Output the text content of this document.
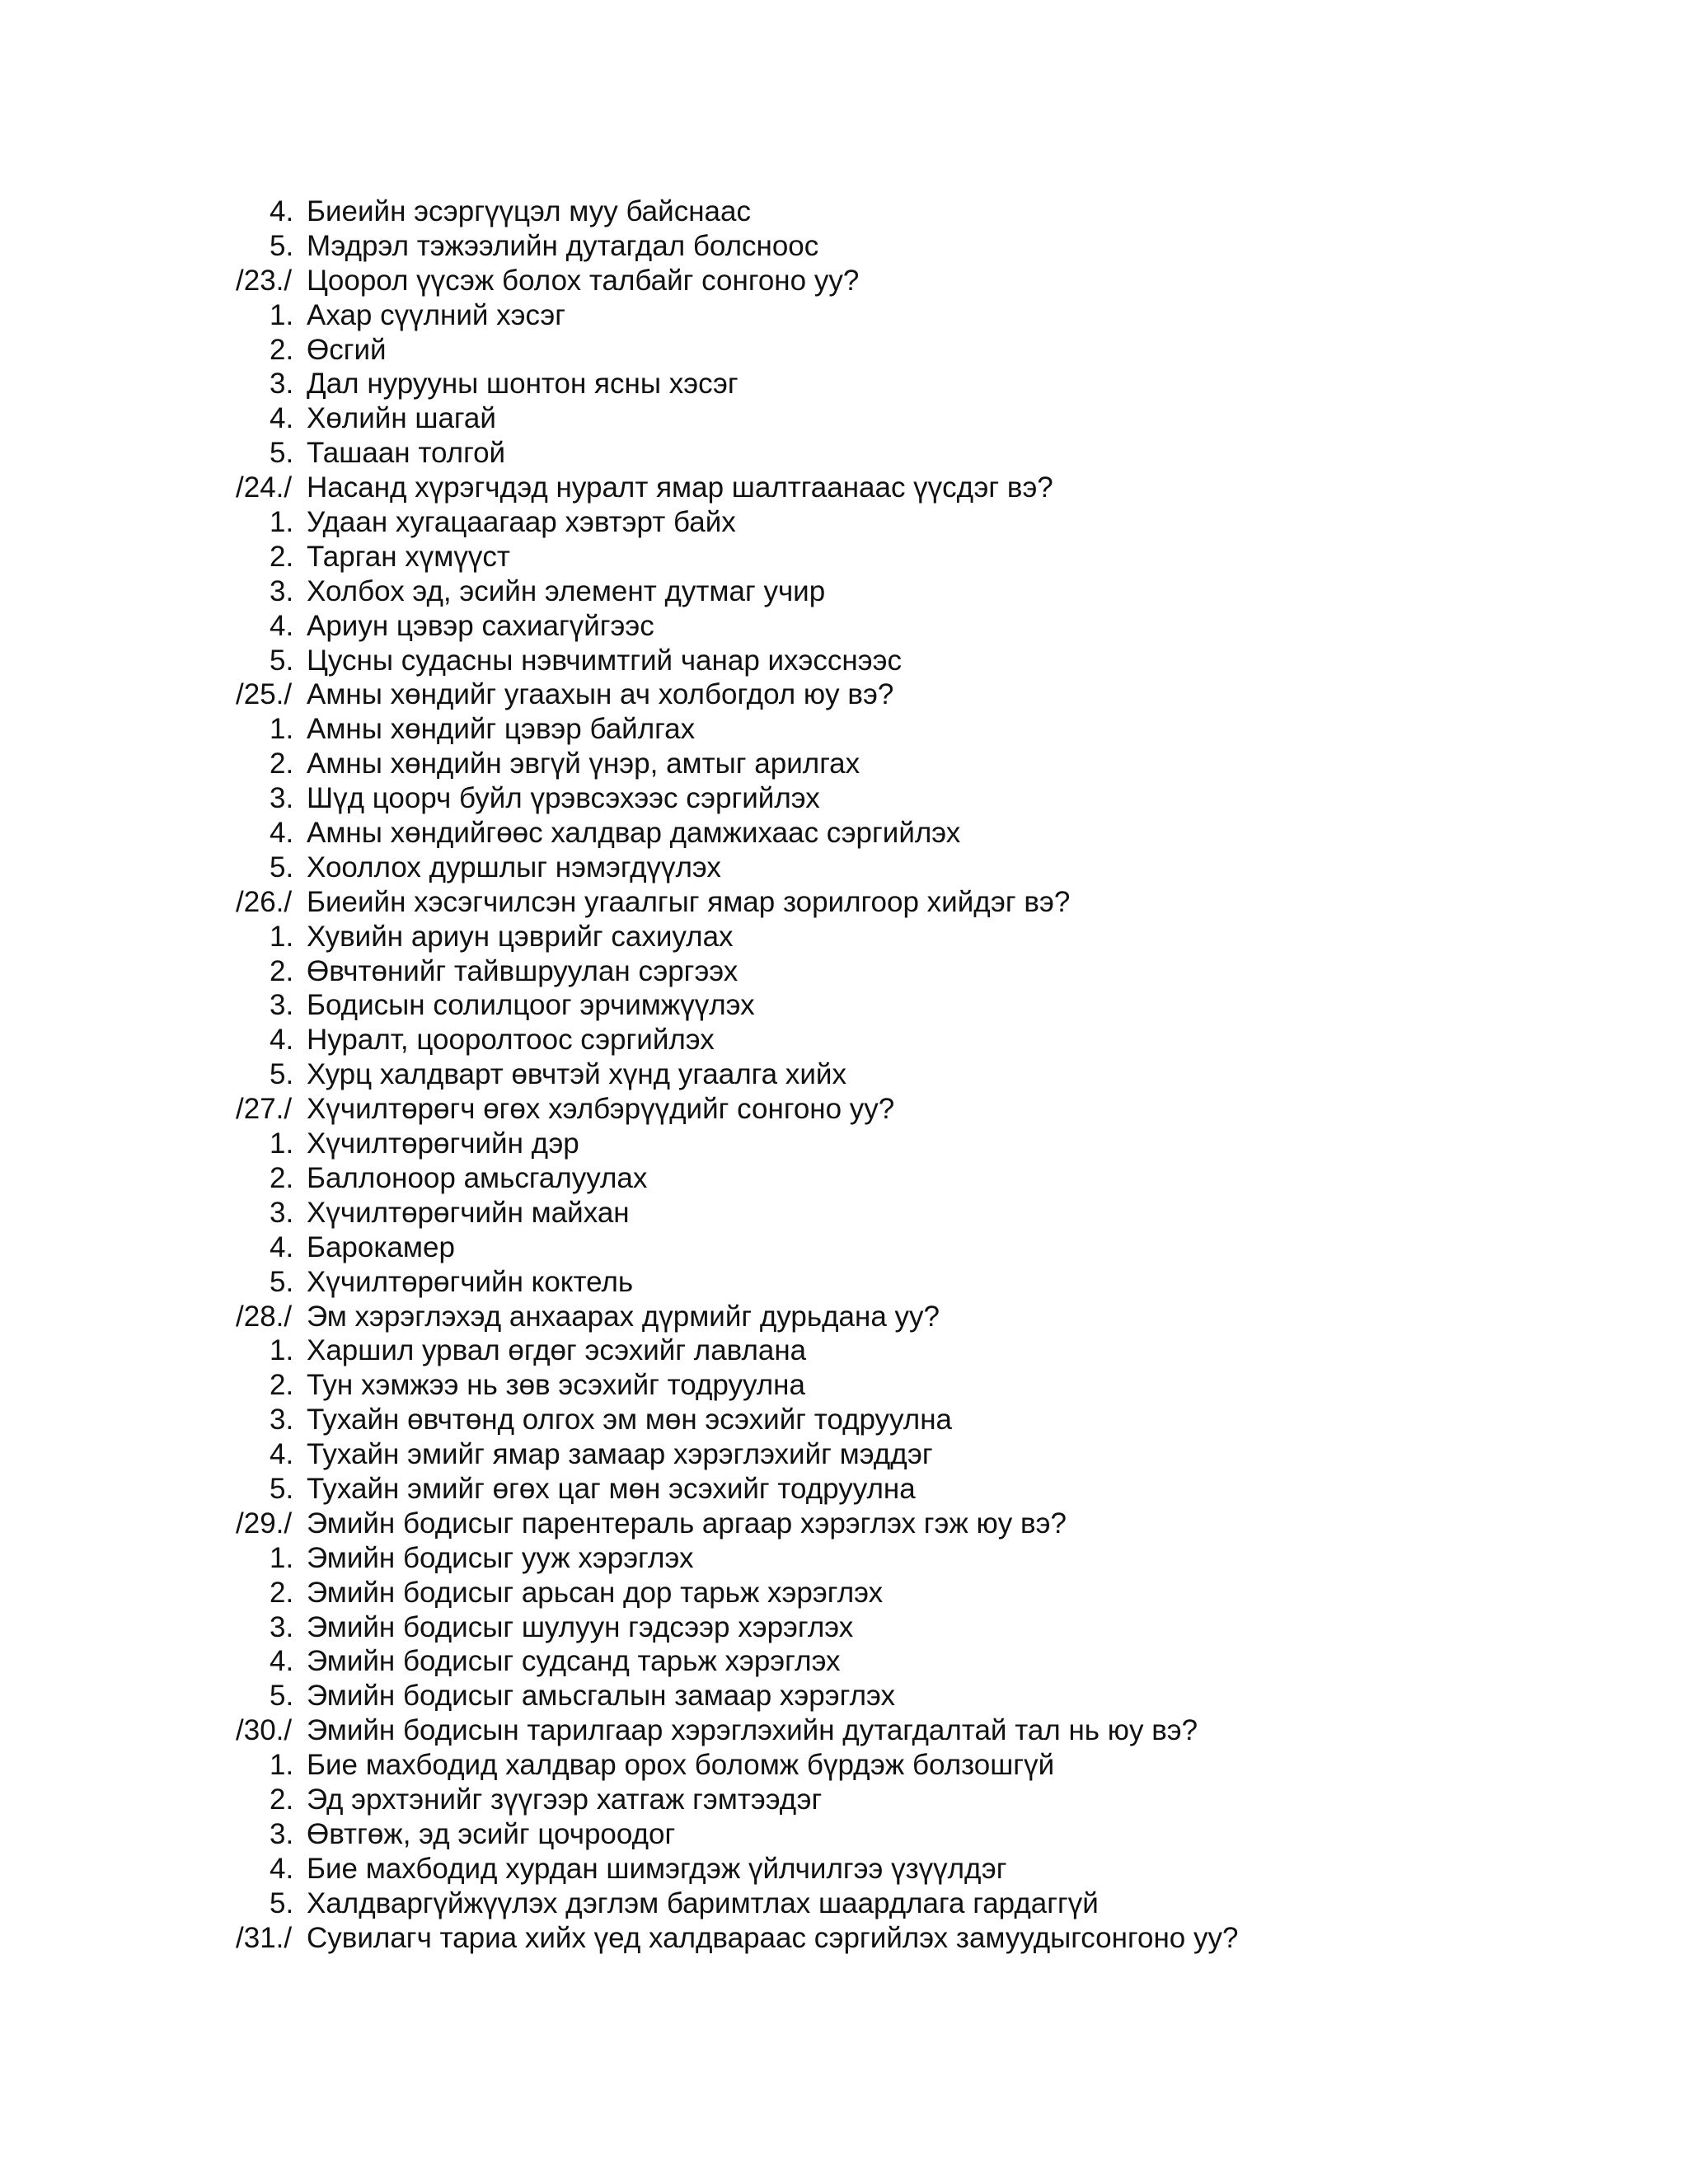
4. Биеийн эсэргүүцэл муу байснаас
5. Мэдрэл тэжээлийн дутагдал болсноос
/23./ Цоорол үүсэж болох талбайг сонгоно уу?
1. Ахар сүүлний хэсэг
2. Өсгий
3. Дал нурууны шонтон ясны хэсэг
4. Хөлийн шагай
5. Ташаан толгой
/24./ Насанд хүрэгчдэд нуралт ямар шалтгаанаас үүсдэг вэ?
1. Удаан хугацаагаар хэвтэрт байх
2. Тарган хүмүүст
3. Холбох эд, эсийн элемент дутмаг учир
4. Ариун цэвэр сахиагүйгээс
5. Цусны судасны нэвчимтгий чанар ихэсснээс
/25./ Амны хөндийг угаахын ач холбогдол юу вэ?
1. Амны хөндийг цэвэр байлгах
2. Амны хөндийн эвгүй үнэр, амтыг арилгах
3. Шүд цоорч буйл үрэвсэхээс сэргийлэх
4. Амны хөндийгөөс халдвар дамжихаас сэргийлэх
5. Хооллох дуршлыг нэмэгдүүлэх
/26./ Биеийн хэсэгчилсэн угаалгыг ямар зорилгоор хийдэг вэ?
1. Хувийн ариун цэврийг сахиулах
2. Өвчтөнийг тайвшруулан сэргээх
3. Бодисын солилцоог эрчимжүүлэх
4. Нуралт, цооролтоос сэргийлэх
5. Хурц халдварт өвчтэй хүнд угаалга хийх
/27./ Хүчилтөрөгч өгөх хэлбэрүүдийг сонгоно уу?
1. Хүчилтөрөгчийн дэр
2. Баллоноор амьсгалуулах
3. Хүчилтөрөгчийн майхан
4. Барокамер
5. Хүчилтөрөгчийн коктель
/28./ Эм хэрэглэхэд анхаарах дүрмийг дурьдана уу?
1. Харшил урвал өгдөг эсэхийг лавлана
2. Тун хэмжээ нь зөв эсэхийг тодруулна
3. Тухайн өвчтөнд олгох эм мөн эсэхийг тодруулна
4. Тухайн эмийг ямар замаар хэрэглэхийг мэддэг
5. Тухайн эмийг өгөх цаг мөн эсэхийг тодруулна
/29./ Эмийн бодисыг парентераль аргаар хэрэглэх гэж юу вэ?
1. Эмийн бодисыг ууж хэрэглэх
2. Эмийн бодисыг арьсан дор тарьж хэрэглэх
3. Эмийн бодисыг шулуун гэдсээр хэрэглэх
4. Эмийн бодисыг судсанд тарьж хэрэглэх
5. Эмийн бодисыг амьсгалын замаар хэрэглэх
/30./ Эмийн бодисын тарилгаар хэрэглэхийн дутагдалтай тал нь юу вэ?
1. Бие махбодид халдвар орох боломж бүрдэж болзошгүй
2. Эд эрхтэнийг зүүгээр хатгаж гэмтээдэг
3. Өвтгөж, эд эсийг цочроодог
4. Бие махбодид хурдан шимэгдэж үйлчилгээ үзүүлдэг
5. Халдваргүйжүүлэх дэглэм баримтлах шаардлага гардаггүй
/31./ Сувилагч тариа хийх үед халдвараас сэргийлэх замуудыгсонгоно уу?
